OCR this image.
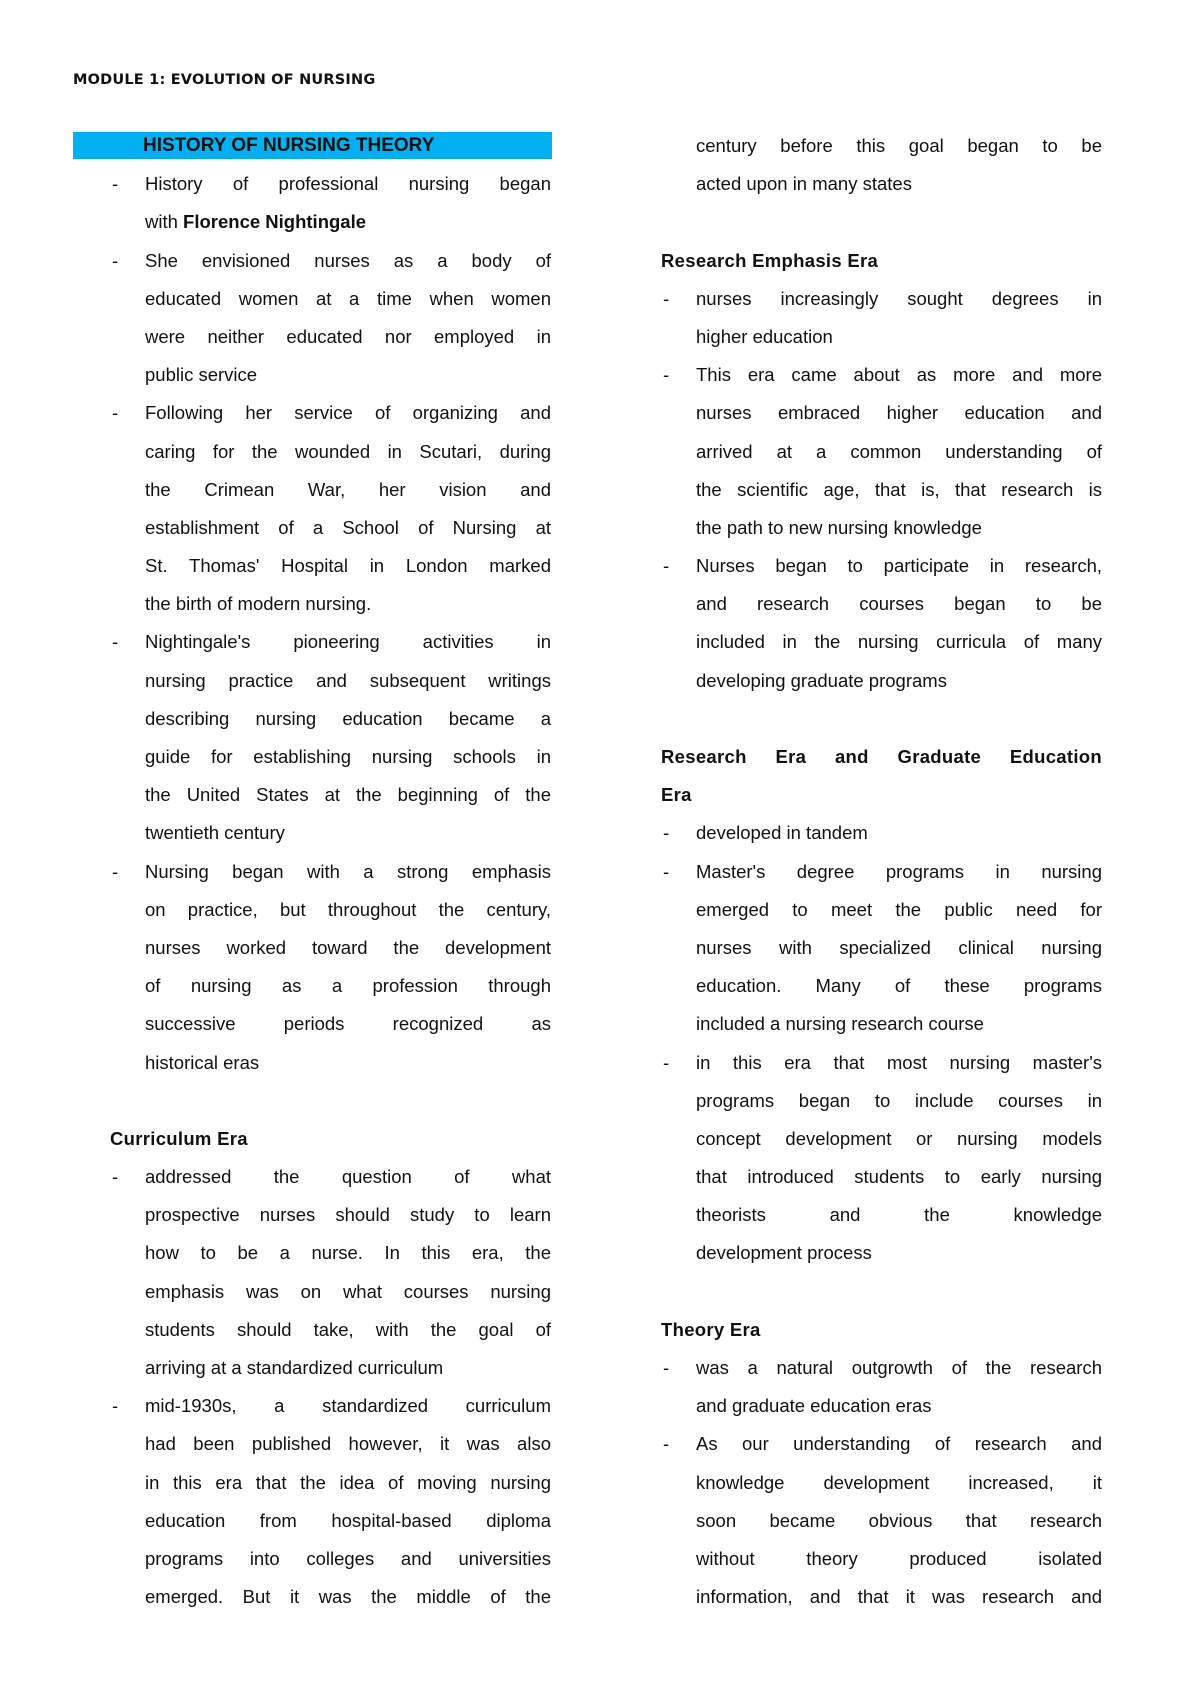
MODULE 1: EVOLUTION OF NURSING
HISTORY OF NURSING THEORY
- History of professional nursing began
with Florence Nightingale
- She envisioned nurses as a body of
educated women at a time when women
were neither educated nor employed in
public service
- Following her service of organizing and
caring for the wounded in Scutari, during
the Crimean War, her vision and
establishment of a School of Nursing at
St. Thomas' Hospital in London marked
the birth of modern nursing.
- Nightingale's pioneering activities in
nursing practice and subsequent writings
describing nursing education became a
guide for establishing nursing schools in
the United States at the beginning of the
twentieth century
- Nursing began with a strong emphasis
on practice, but throughout the century,
nurses worked toward the development
of nursing as a profession through
successive periods recognized as
historical eras
Curriculum Era
- addressed the question of what
prospective nurses should study to learn
how to be a nurse. In this era, the
emphasis was on what courses nursing
students should take, with the goal of
arriving at a standardized curriculum
- mid-1930s, a standardized curriculum
had been published however, it was also
in this era that the idea of moving nursing
education from hospital-based diploma
programs into colleges and universities
emerged. But it was the middle of the
century before this goal began to be
acted upon in many states
Research Emphasis Era
- nurses increasingly sought degrees in
higher education
- This era came about as more and more
nurses embraced higher education and
arrived at a common understanding of
the scientific age, that is, that research is
the path to new nursing knowledge
- Nurses began to participate in research,
and research courses began to be
included in the nursing curricula of many
developing graduate programs
Research Era and Graduate Education
Era
- developed in tandem
- Master's degree programs in nursing
emerged to meet the public need for
nurses with specialized clinical nursing
education. Many of these programs
included a nursing research course
- in this era that most nursing master's
programs began to include courses in
concept development or nursing models
that introduced students to early nursing
theorists and the knowledge
development process
Theory Era
- was a natural outgrowth of the research
and graduate education eras
- As our understanding of research and
knowledge development increased, it
soon became obvious that research
without theory produced isolated
information, and that it was research and
